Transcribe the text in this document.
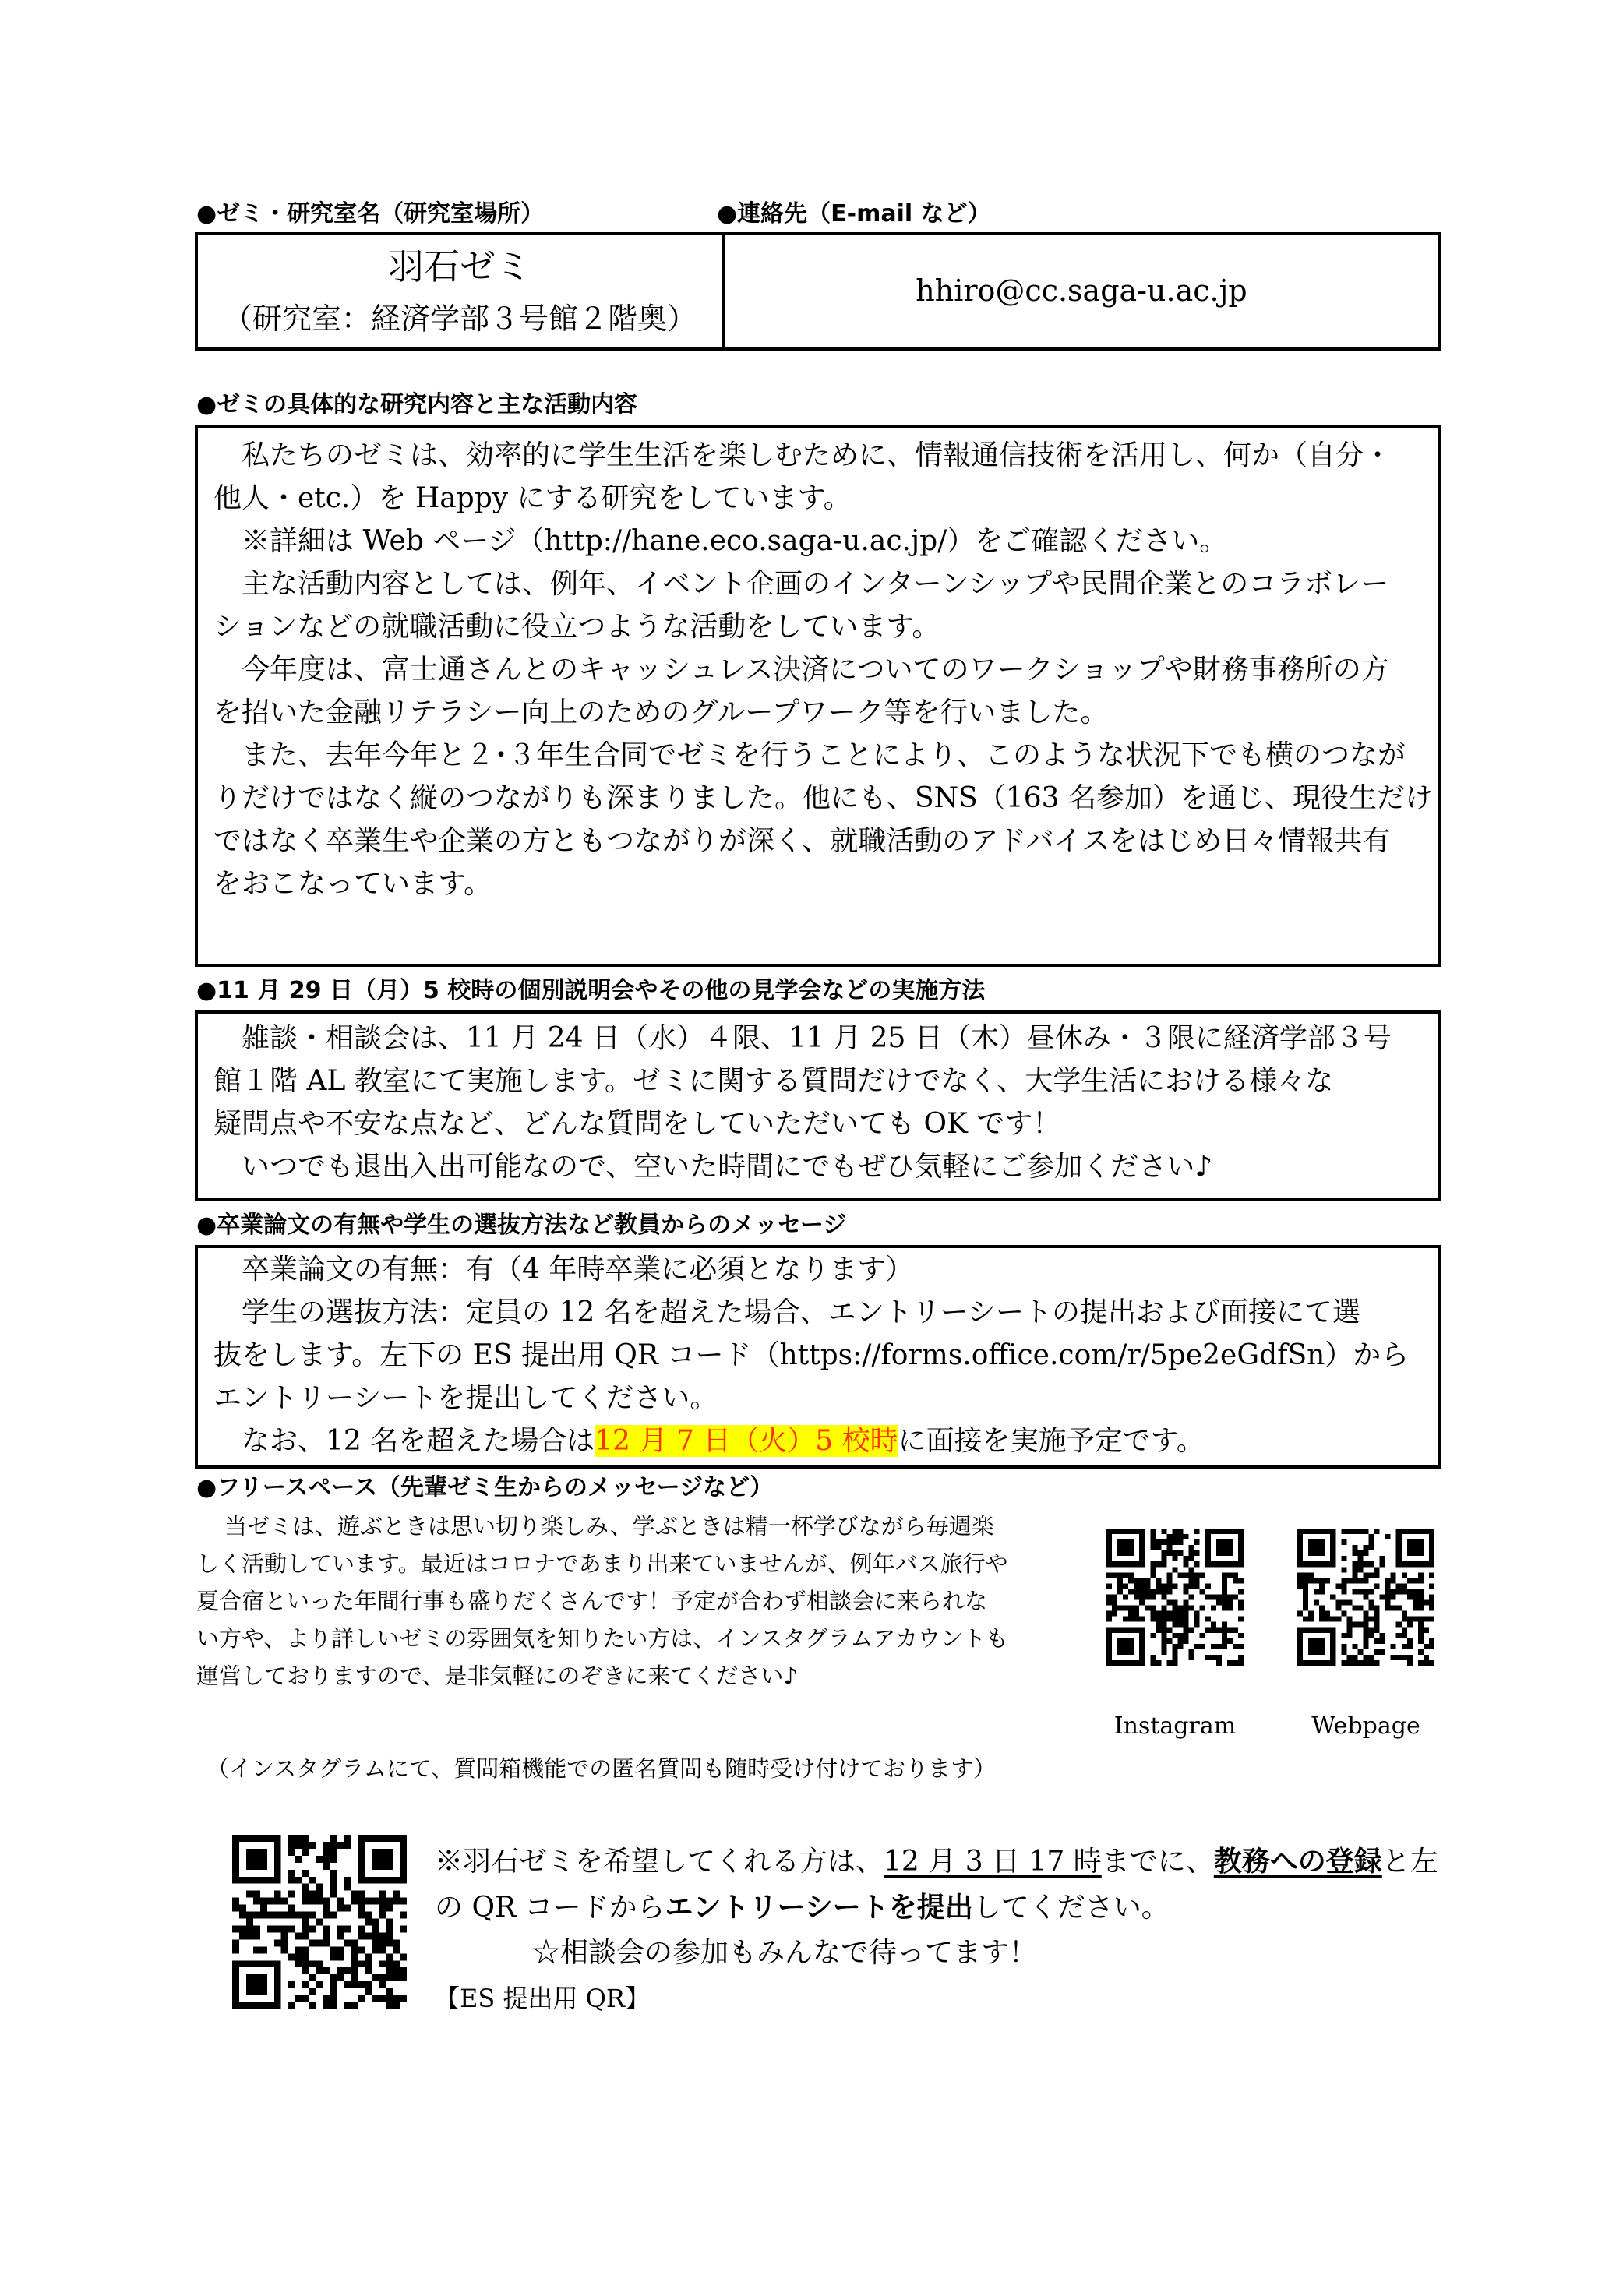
●ゼミ・研究室名（研究室場所）	●連絡先（E-mail など）
羽石ゼミ
（研究室：経済学部３号館２階奥）
hhiro@cc.saga-u.ac.jp
●ゼミの具体的な研究内容と主な活動内容
私たちのゼミは、効率的に学生生活を楽しむために、情報通信技術を活用し、何か（自分・
他人・etc.）を Happy にする研究をしています。
※詳細は Web ページ（http://hane.eco.saga-u.ac.jp/）をご確認ください。
主な活動内容としては、例年、イベント企画のインターンシップや民間企業とのコラボレー
ションなどの就職活動に役立つような活動をしています。
今年度は、富士通さんとのキャッシュレス決済についてのワークショップや財務事務所の方
を招いた金融リテラシー向上のためのグループワーク等を行いました。
また、去年今年と２･３年生合同でゼミを行うことにより、このような状況下でも横のつなが
りだけではなく縦のつながりも深まりました。他にも、SNS（163 名参加）を通じ、現役生だけ
ではなく卒業生や企業の方ともつながりが深く、就職活動のアドバイスをはじめ日々情報共有
をおこなっています。
●11 月 29 日（月）5 校時の個別説明会やその他の見学会などの実施方法
雑談・相談会は、11 月 24 日（水）４限、11 月 25 日（木）昼休み・３限に経済学部３号
館１階 AL 教室にて実施します。ゼミに関する質問だけでなく、大学生活における様々な
疑問点や不安な点など、どんな質問をしていただいても OK です！
いつでも退出入出可能なので、空いた時間にでもぜひ気軽にご参加ください♪
●卒業論文の有無や学生の選抜方法など教員からのメッセージ
卒業論文の有無：有（4 年時卒業に必須となります）
学生の選抜方法：定員の 12 名を超えた場合、エントリーシートの提出および面接にて選
抜をします。左下の ES 提出用 QR コード（https://forms.office.com/r/5pe2eGdfSn）から
エントリーシートを提出してください。
なお、12 名を超えた場合は12 月 7 日（火）5 校時に面接を実施予定です。
●フリースペース（先輩ゼミ生からのメッセージなど）
当ゼミは、遊ぶときは思い切り楽しみ、学ぶときは精一杯学びながら毎週楽
しく活動しています。最近はコロナであまり出来ていませんが、例年バス旅行や
夏合宿といった年間行事も盛りだくさんです！予定が合わず相談会に来られな
い方や、より詳しいゼミの雰囲気を知りたい方は、インスタグラムアカウントも
運営しておりますので、是非気軽にのぞきに来てください♪
Instagram	Webpage
（インスタグラムにて、質問箱機能での匿名質問も随時受け付けております）
※羽石ゼミを希望してくれる方は、12 月 3 日 17 時までに、教務への登録と左
の QR コードからエントリーシートを提出してください。
☆相談会の参加もみんなで待ってます！
【ES 提出用 QR】
